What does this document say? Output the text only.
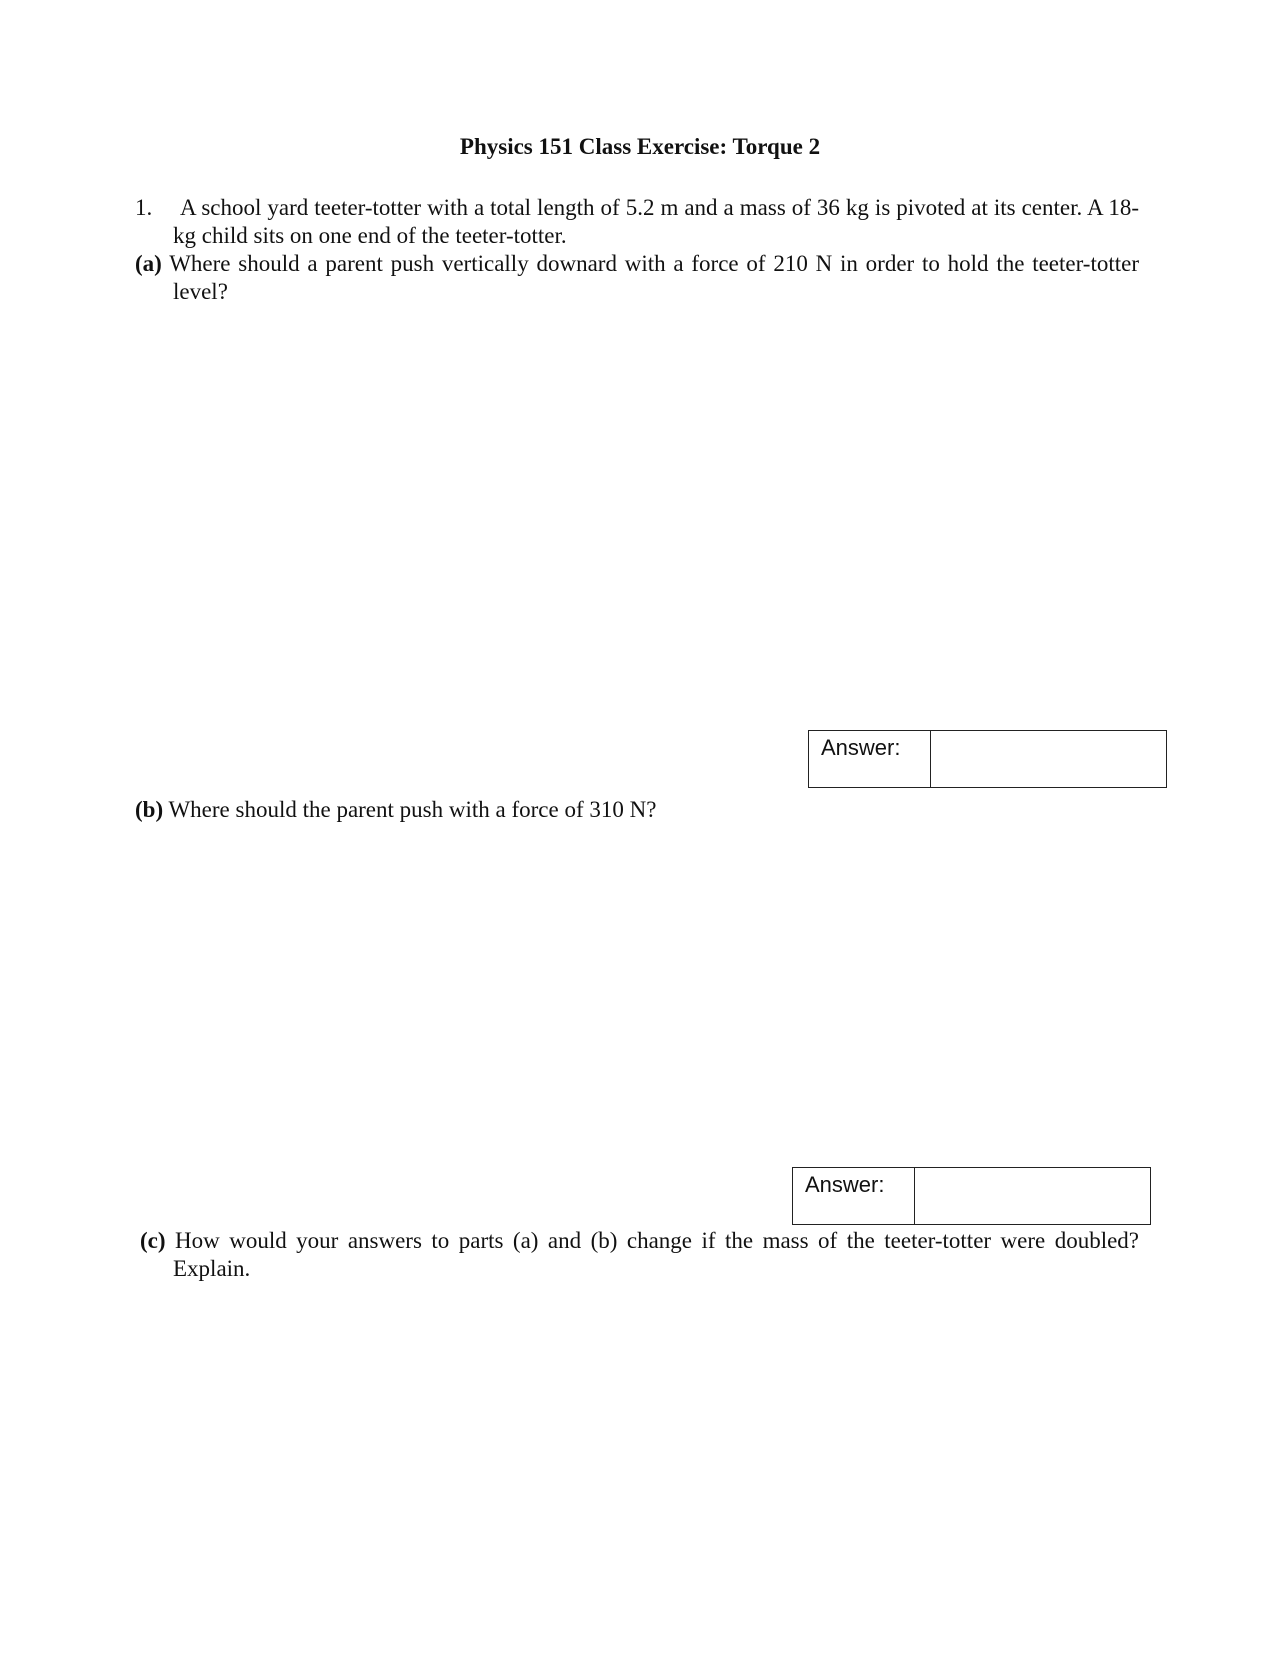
Physics 151 Class Exercise: Torque 2
1. A school yard teeter-totter with a total length of 5.2 m and a mass of 36 kg is pivoted at its center. A 18-kg child sits on one end of the teeter-totter.
(a) Where should a parent push vertically downard with a force of 210 N in order to hold the teeter-totter level?
Answer:
(b) Where should the parent push with a force of 310 N?
Answer:
(c) How would your answers to parts (a) and (b) change if the mass of the teeter-totter were doubled? Explain.
